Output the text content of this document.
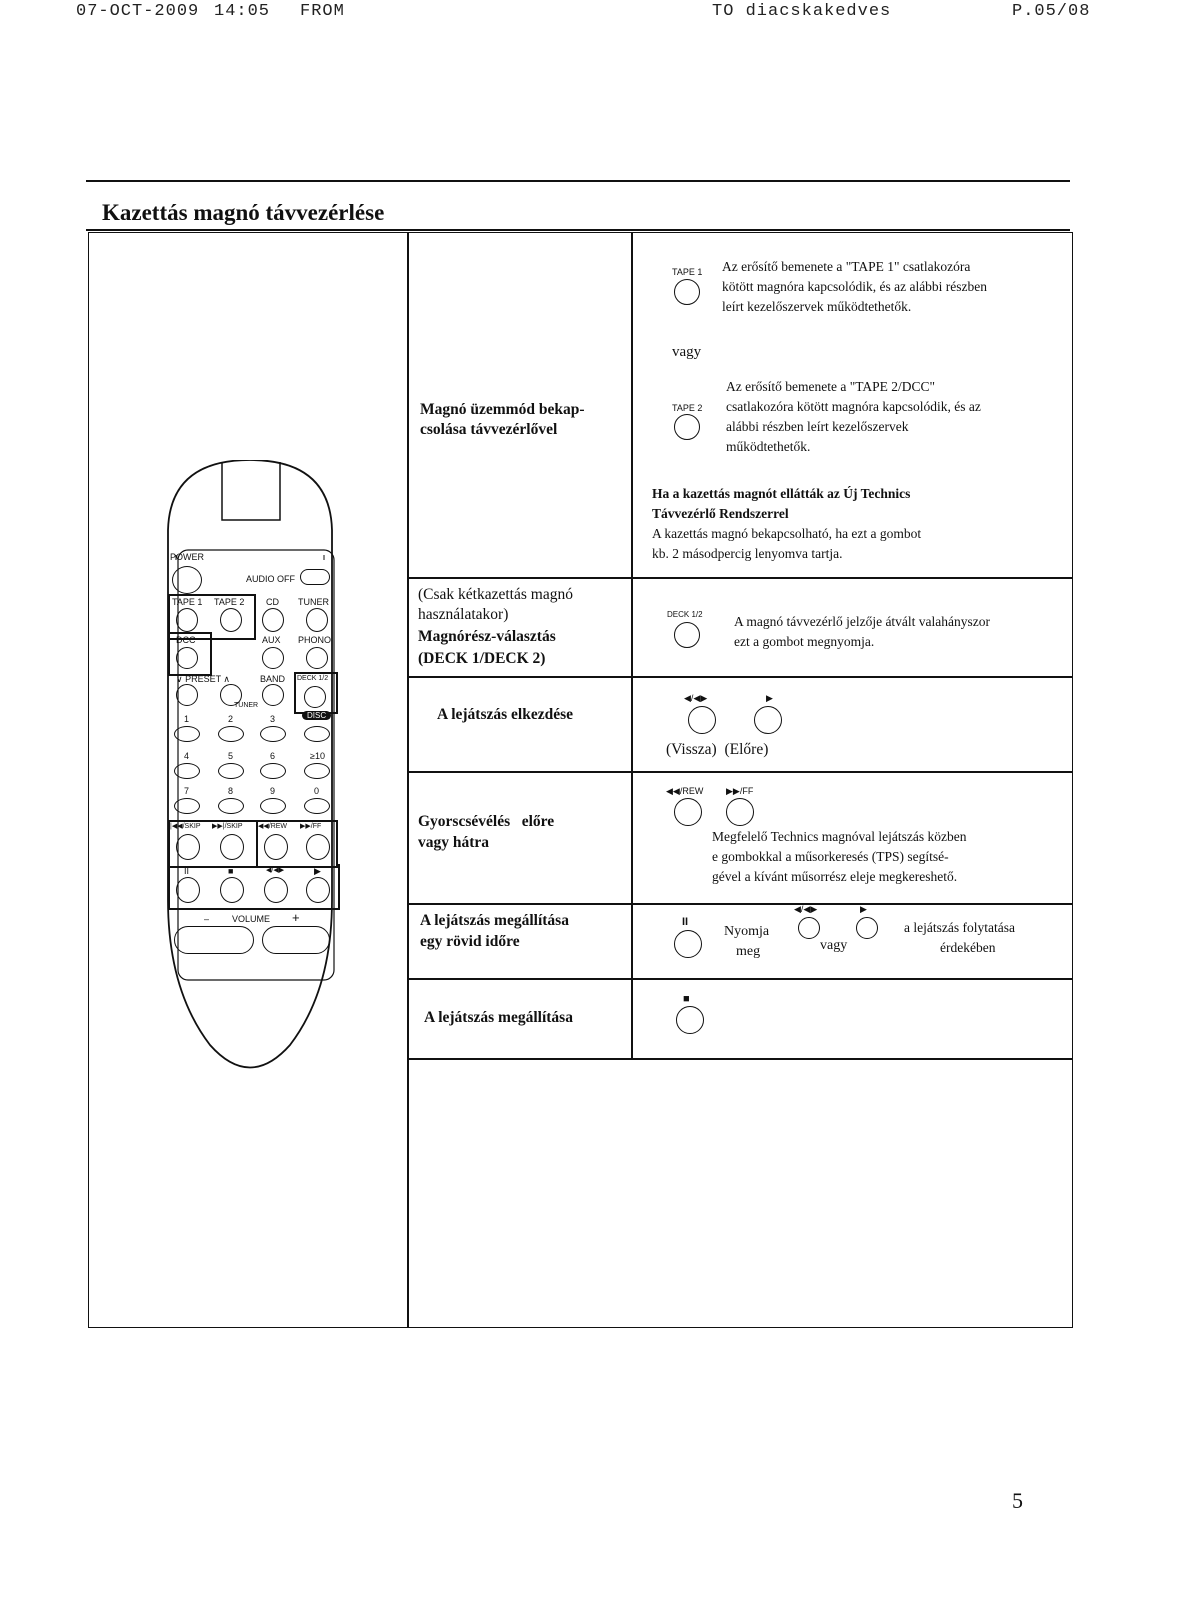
07-OCT-2009 14:05 FROM	TO diacskakedves	P.05/08
Kazettás magnó távvezérlése
POWER
AUDIO OFF
TAPE 1 TAPE 2 CD TUNER
DCC	AUX PHONO
∨ PRESET ∧	BAND DECK 1/2
TUNER
DISC
1	2	3
4	5	6	≥10
7	8	9	0
|◀◀/SKIP ▶▶|/SKIP ◀◀/REW ▶▶/FF
II	■	◀/◀▶	▶
–	VOLUME +
Magnó üzemmód bekap-
csolása távvezérlővel
TAPE 1 Az erősítő bemenete a "TAPE 1" csatlakozóra
kötött magnóra kapcsolódik, és az alábbi részben
leírt kezelőszervek működtethetők.
vagy
TAPE 2
Az erősítő bemenete a "TAPE 2/DCC"
csatlakozóra kötött magnóra kapcsolódik, és az
alábbi részben leírt kezelőszervek
működtethetők.
Ha a kazettás magnót ellátták az Új Technics
Távvezérlő Rendszerrel
A kazettás magnó bekapcsolható, ha ezt a gombot
kb. 2 másodpercig lenyomva tartja.
(Csak kétkazettás magnó
használatakor)
Magnórész-választás
(DECK 1/DECK 2)
DECK 1/2 A magnó távvezérlő jelzője átvált valahányszor
ezt a gombot megnyomja.
A lejátszás elkezdése
◀/◀▶	▶
(Vissza)  (Előre)
Gyorscsévélés   előre
vagy hátra
◀◀/REW	▶▶/FF
Megfelelő Technics magnóval lejátszás közben
e gombokkal a műsorkeresés (TPS) segítsé-
gével a kívánt műsorrész eleje megkereshető.
A lejátszás megállítása
egy rövid időre
II
Nyomja
meg
◀/◀▶
vagy
▶
a lejátszás folytatása
érdekében
A lejátszás megállítása
■
5
